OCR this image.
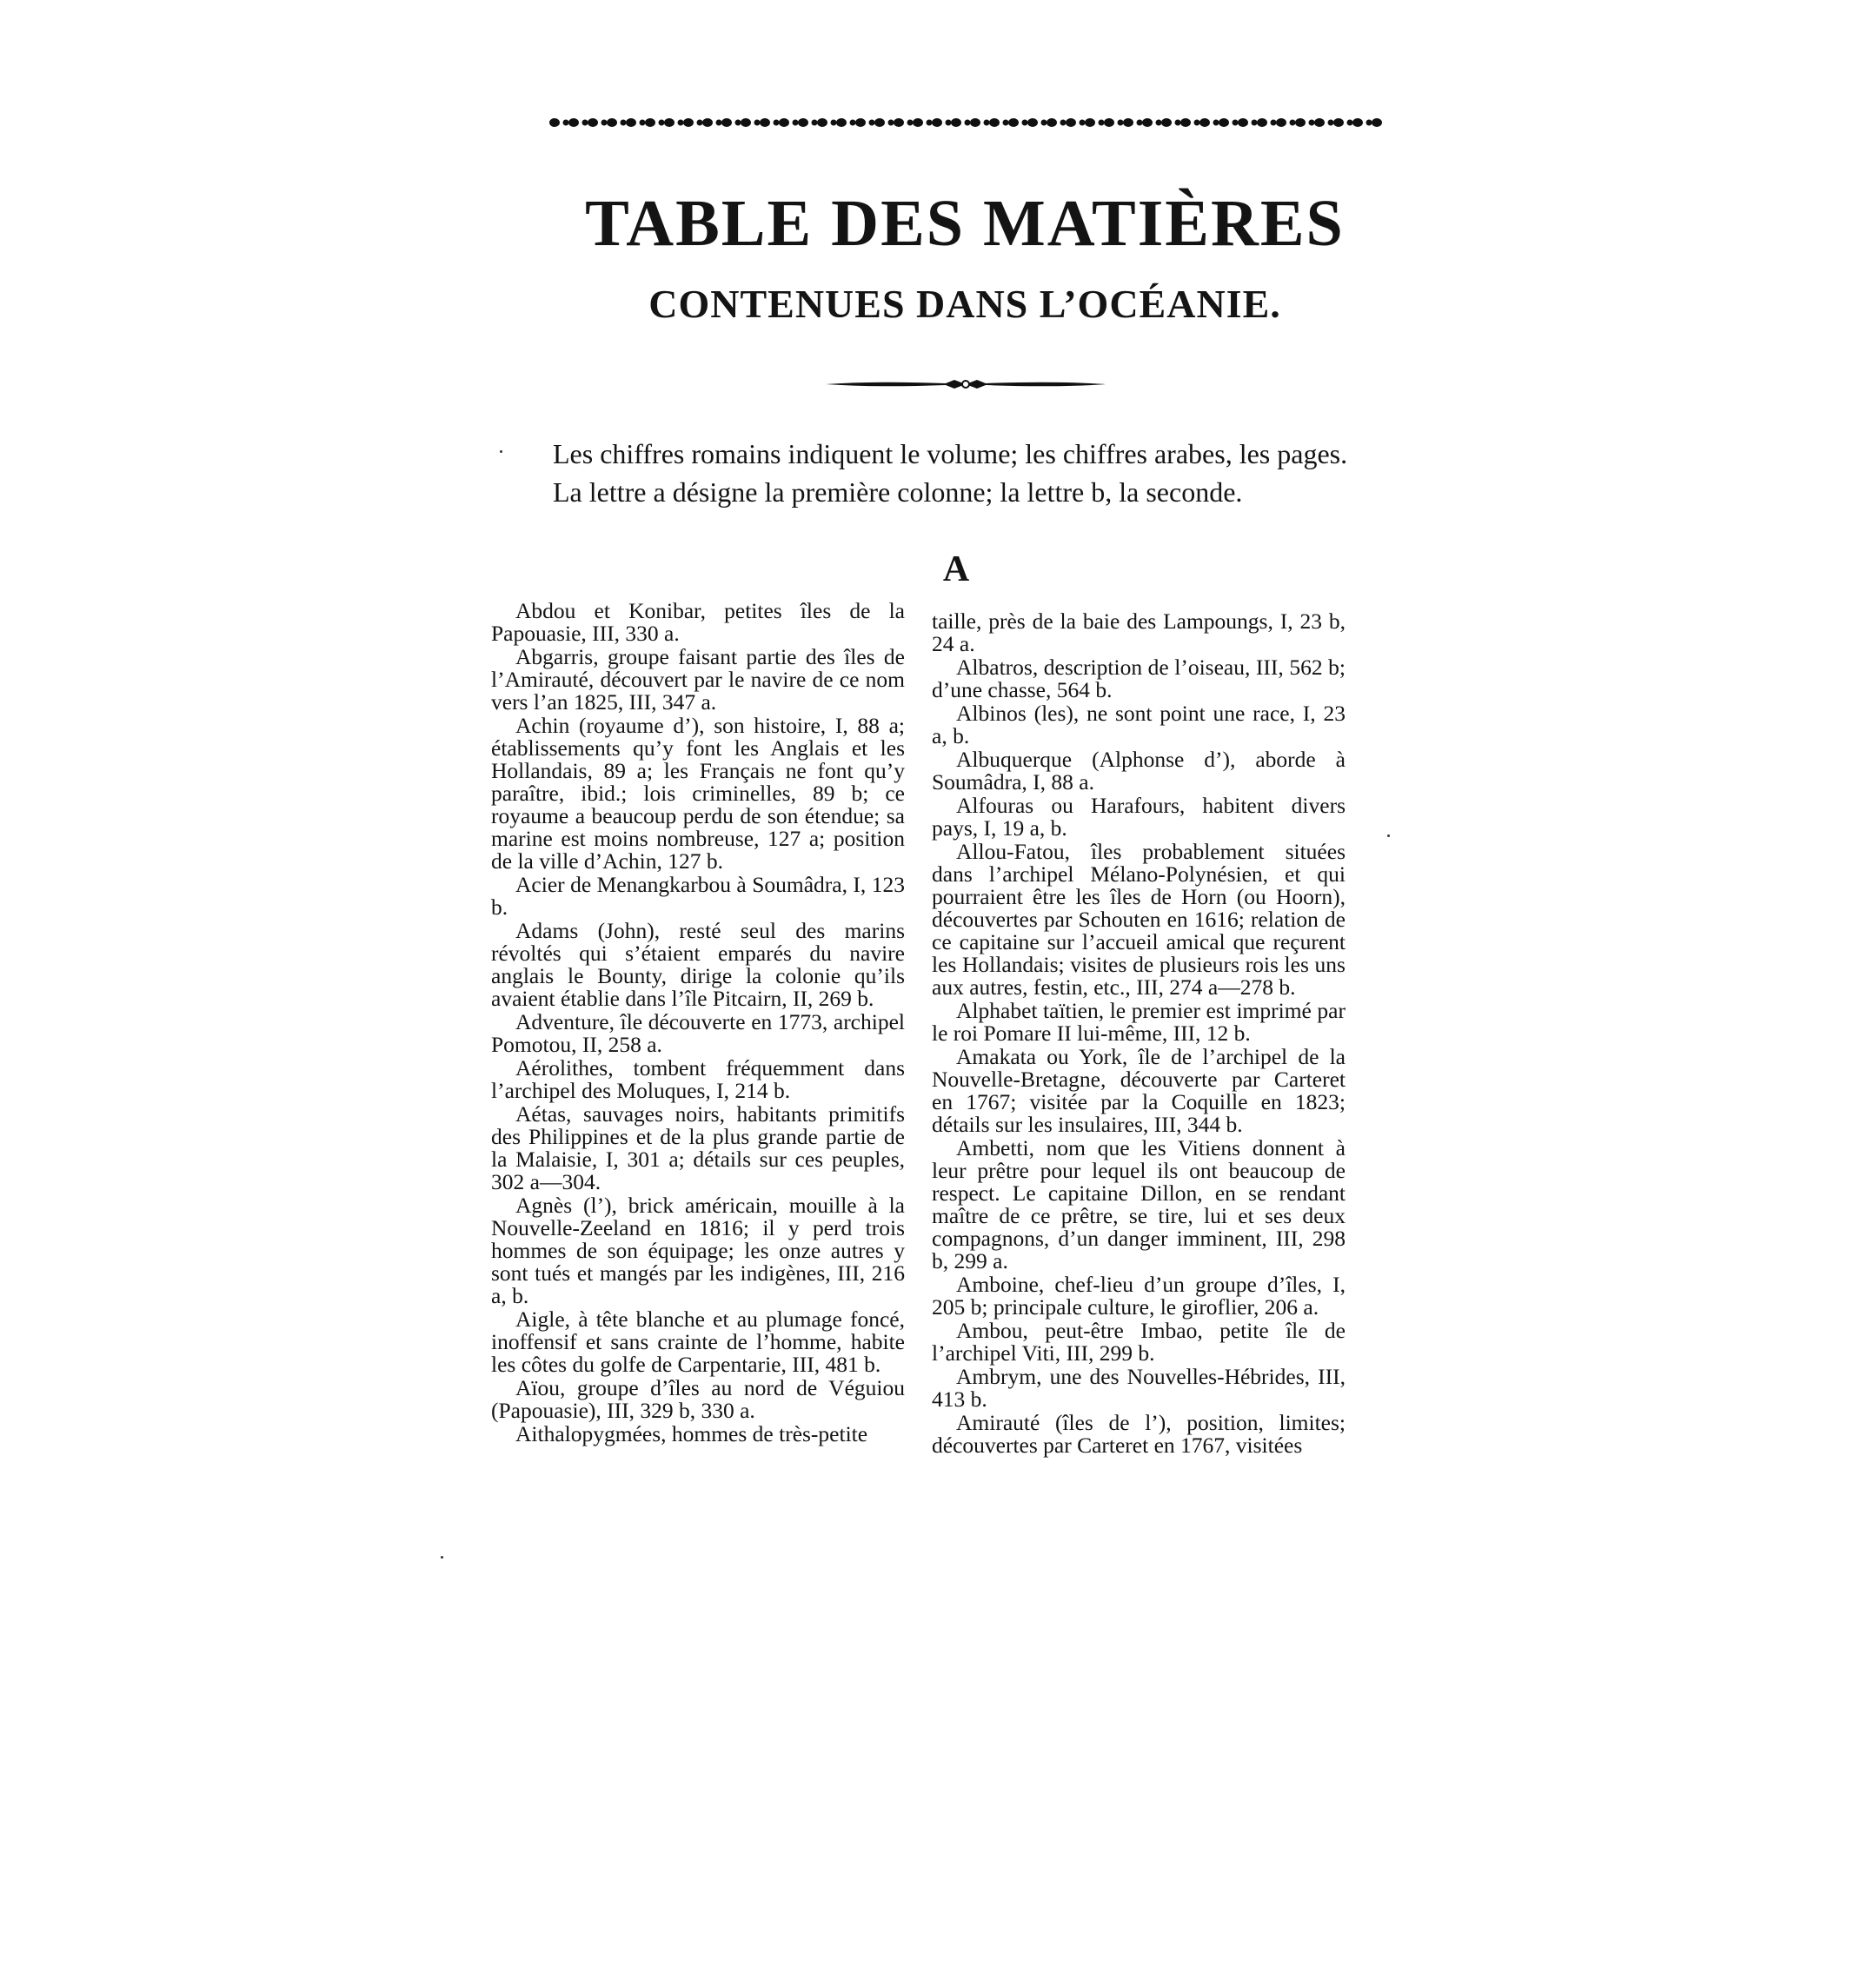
TABLE DES MATIÈRES
CONTENUES DANS L’OCÉANIE.

Les chiffres romains indiquent le volume; les chiffres arabes, les pages.

La lettre a désigne la première colonne; la lettre b, la seconde.

A

Abdou et Konibar, petites îles de la Papouasie, III, 330 a.

Abgarris, groupe faisant partie des îles de l’Amirauté, découvert par le navire de ce nom vers l’an 1825, III, 347 a.

Achin (royaume d’), son histoire, I, 88 a; établissements qu’y font les Anglais et les Hollandais, 89 a; les Français ne font qu’y paraître, ibid.; lois criminelles, 89 b; ce royaume a beaucoup perdu de son étendue; sa marine est moins nombreuse, 127 a; position de la ville d’Achin, 127 b.

Acier de Menangkarbou à Soumâdra, I, 123 b.

Adams (John), resté seul des marins révoltés qui s’étaient emparés du navire anglais le Bounty, dirige la colonie qu’ils avaient établie dans l’île Pitcairn, II, 269 b.

Adventure, île découverte en 1773, archipel Pomotou, II, 258 a.

Aérolithes, tombent fréquemment dans l’archipel des Moluques, I, 214 b.

Aétas, sauvages noirs, habitants primitifs des Philippines et de la plus grande partie de la Malaisie, I, 301 a; détails sur ces peuples, 302 a—304.

Agnès (l’), brick américain, mouille à la Nouvelle-Zeeland en 1816; il y perd trois hommes de son équipage; les onze autres y sont tués et mangés par les indigènes, III, 216 a, b.

Aigle, à tête blanche et au plumage foncé, inoffensif et sans crainte de l’homme, habite les côtes du golfe de Carpentarie, III, 481 b.

Aïou, groupe d’îles au nord de Véguiou (Papouasie), III, 329 b, 330 a.

Aithalopygmées, hommes de très-petite

taille, près de la baie des Lampoungs, I, 23 b, 24 a.

Albatros, description de l’oiseau, III, 562 b; d’une chasse, 564 b.

Albinos (les), ne sont point une race, I, 23 a, b.

Albuquerque (Alphonse d’), aborde à Soumâdra, I, 88 a.

Alfouras ou Harafours, habitent divers pays, I, 19 a, b.

Allou-Fatou, îles probablement situées dans l’archipel Mélano-Polynésien, et qui pourraient être les îles de Horn (ou Hoorn), découvertes par Schouten en 1616; relation de ce capitaine sur l’accueil amical que reçurent les Hollandais; visites de plusieurs rois les uns aux autres, festin, etc., III, 274 a—278 b.

Alphabet taïtien, le premier est imprimé par le roi Pomare II lui-même, III, 12 b.

Amakata ou York, île de l’archipel de la Nouvelle-Bretagne, découverte par Carteret en 1767; visitée par la Coquille en 1823; détails sur les insulaires, III, 344 b.

Ambetti, nom que les Vitiens donnent à leur prêtre pour lequel ils ont beaucoup de respect. Le capitaine Dillon, en se rendant maître de ce prêtre, se tire, lui et ses deux compagnons, d’un danger imminent, III, 298 b, 299 a.

Amboine, chef-lieu d’un groupe d’îles, I, 205 b; principale culture, le giroflier, 206 a.

Ambou, peut-être Imbao, petite île de l’archipel Viti, III, 299 b.

Ambrym, une des Nouvelles-Hébrides, III, 413 b.

Amirauté (îles de l’), position, limites; découvertes par Carteret en 1767, visitées
